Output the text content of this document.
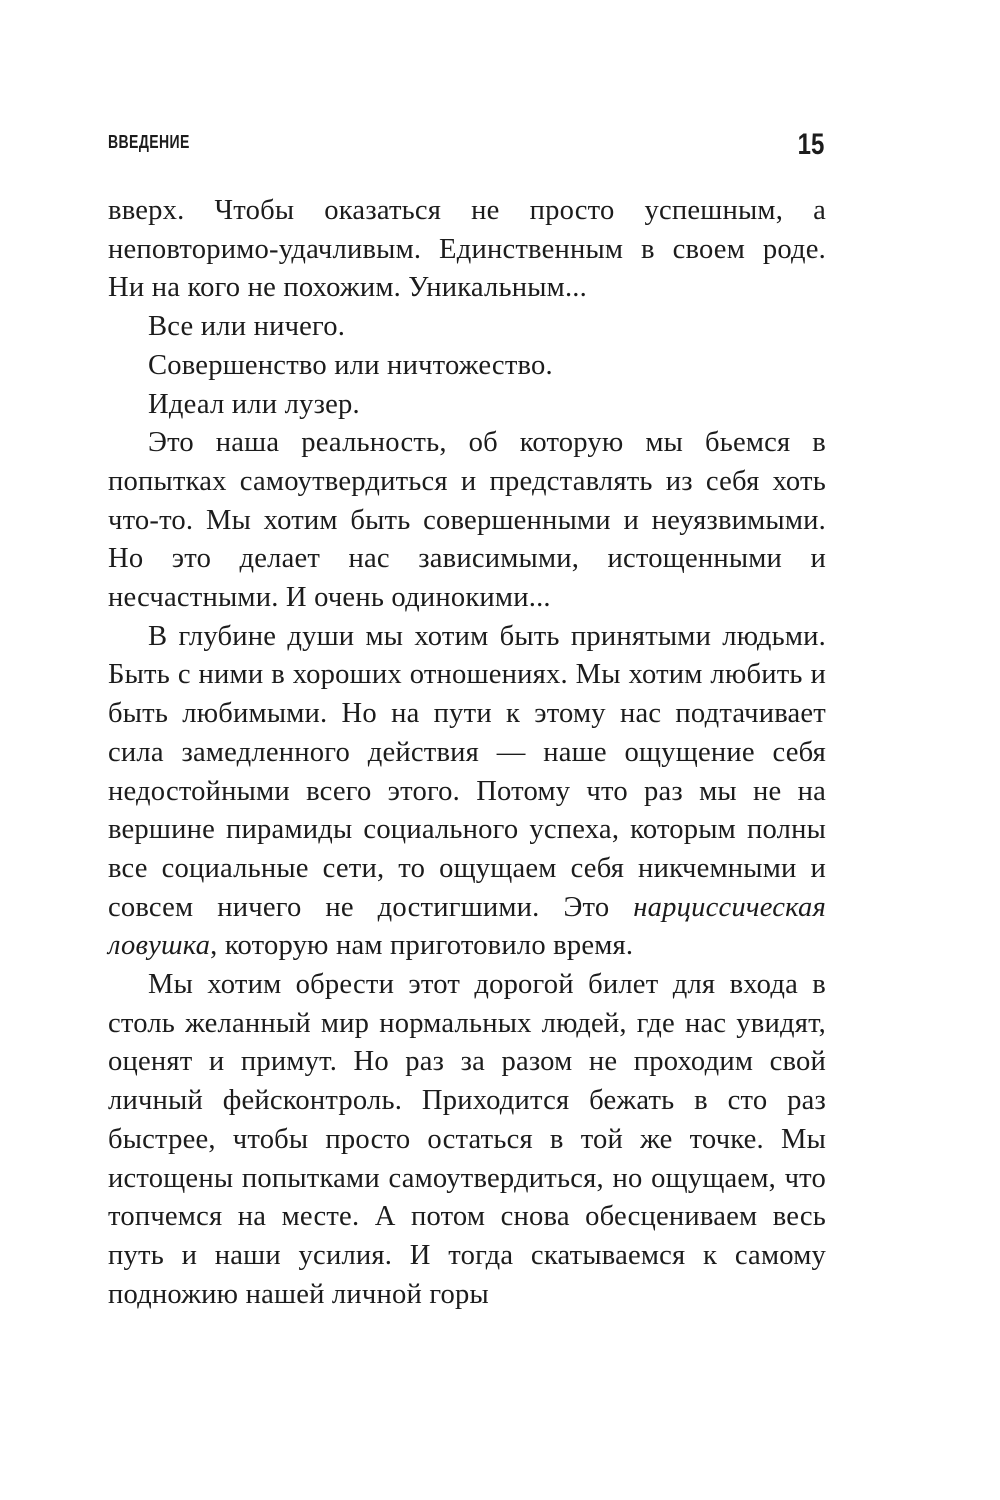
ВВЕДЕНИЕ	15

вверх. Чтобы оказаться не просто успешным, а неповторимо-удачливым. Единственным в своем роде. Ни на кого не похожим. Уникальным...

Все или ничего.

Совершенство или ничтожество.

Идеал или лузер.

Это наша реальность, об которую мы бьемся в попытках самоутвердиться и представлять из себя хоть что-то. Мы хотим быть совершенными и неуязвимыми. Но это делает нас зависимыми, истощенными и несчастными. И очень одинокими...

В глубине души мы хотим быть принятыми людьми. Быть с ними в хороших отношениях. Мы хотим любить и быть любимыми. Но на пути к этому нас подтачивает сила замедленного действия — наше ощущение себя недостойными всего этого. Потому что раз мы не на вершине пирамиды социального успеха, которым полны все социальные сети, то ощущаем себя никчемными и совсем ничего не достигшими. Это нарциссическая ловушка, которую нам приготовило время.

Мы хотим обрести этот дорогой билет для входа в столь желанный мир нормальных людей, где нас увидят, оценят и примут. Но раз за разом не проходим свой личный фейсконтроль. Приходится бежать в сто раз быстрее, чтобы просто остаться в той же точке. Мы истощены попытками самоутвердиться, но ощущаем, что топчемся на месте. А потом снова обесцениваем весь путь и наши усилия. И тогда скатываемся к самому подножию нашей личной горы
